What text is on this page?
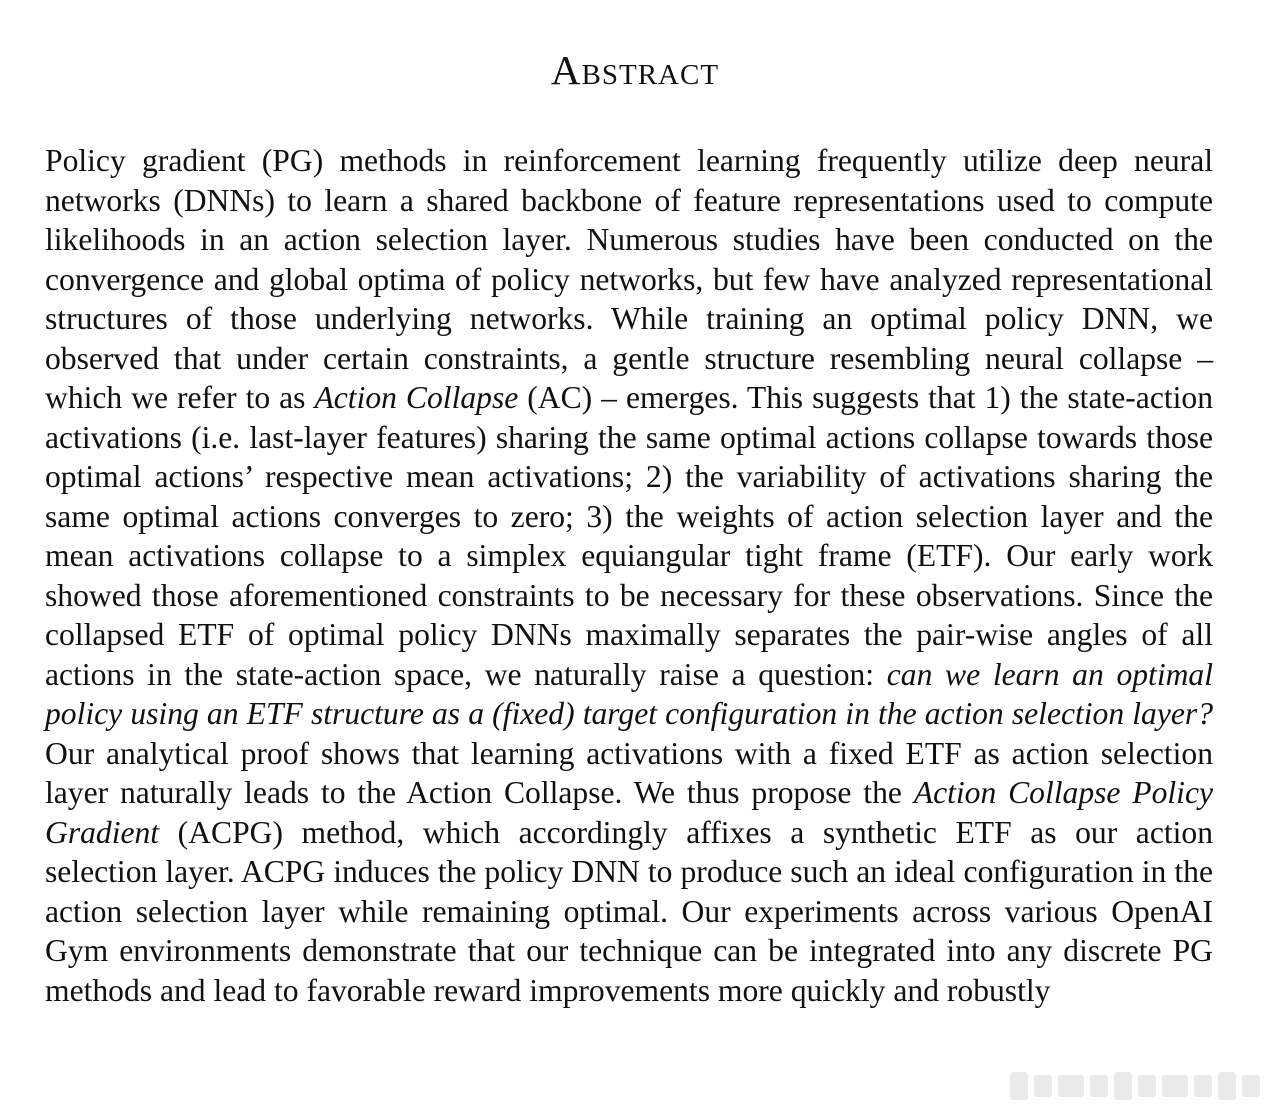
Abstract

Policy gradient (PG) methods in reinforcement learning frequently utilize deep neural networks (DNNs) to learn a shared backbone of feature representations used to compute likelihoods in an action selection layer. Numerous studies have been conducted on the convergence and global optima of policy networks, but few have analyzed representational structures of those underlying networks. While training an optimal policy DNN, we observed that under certain constraints, a gentle structure resembling neural collapse – which we refer to as Action Collapse (AC) – emerges. This suggests that 1) the state-action activations (i.e. last-layer features) sharing the same optimal actions collapse towards those optimal actions’ respective mean activations; 2) the variability of activations sharing the same optimal actions converges to zero; 3) the weights of action selection layer and the mean activations collapse to a simplex equiangular tight frame (ETF). Our early work showed those aforementioned constraints to be necessary for these observations. Since the collapsed ETF of optimal policy DNNs maximally separates the pair-wise angles of all actions in the state-action space, we naturally raise a question: can we learn an optimal policy using an ETF structure as a (fixed) target configuration in the action selection layer? Our analytical proof shows that learning activations with a fixed ETF as action selection layer naturally leads to the Action Collapse. We thus propose the Action Collapse Policy Gradient (ACPG) method, which accordingly affixes a synthetic ETF as our action selection layer. ACPG induces the policy DNN to produce such an ideal configuration in the action selection layer while remaining optimal. Our experiments across various OpenAI Gym environments demonstrate that our technique can be integrated into any discrete PG methods and lead to favorable reward improvements more quickly and robustly
